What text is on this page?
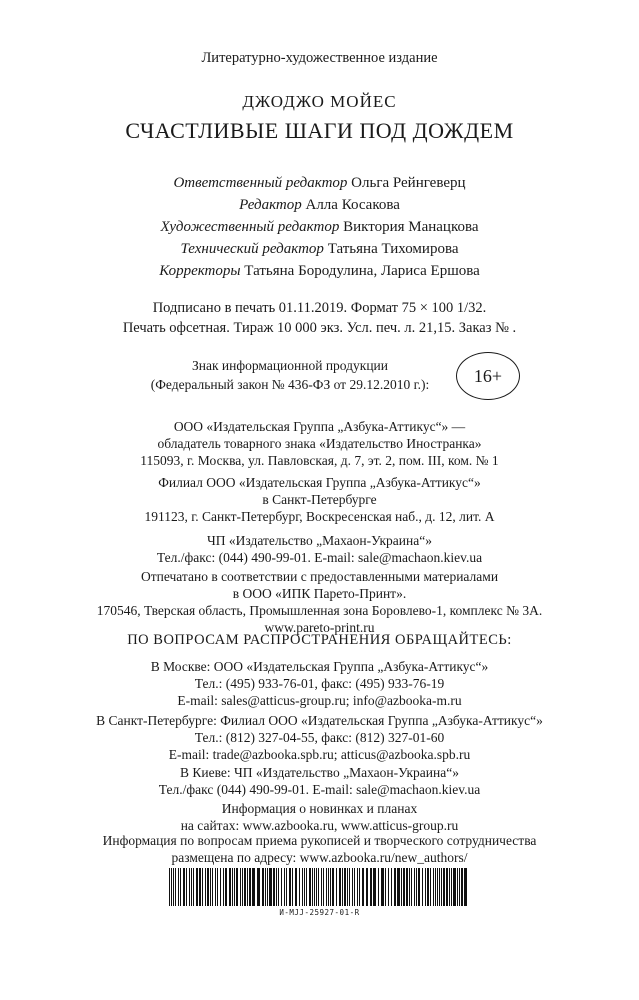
Литературно-художественное издание
ДЖОДЖО МОЙЕС
СЧАСТЛИВЫЕ ШАГИ ПОД ДОЖДЕМ
Ответственный редактор Ольга Рейнгеверц
Редактор Алла Косакова
Художественный редактор Виктория Манацкова
Технический редактор Татьяна Тихомирова
Корректоры Татьяна Бородулина, Лариса Ершова
Подписано в печать 01.11.2019. Формат 75 × 100 1/32.
Печать офсетная. Тираж 10 000 экз. Усл. печ. л. 21,15. Заказ № .
Знак информационной продукции
(Федеральный закон № 436-ФЗ от 29.12.2010 г.):	16+
ООО «Издательская Группа „Азбука-Аттикус“» —
обладатель товарного знака «Издательство Иностранка»
115093, г. Москва, ул. Павловская, д. 7, эт. 2, пом. III, ком. № 1
Филиал ООО «Издательская Группа „Азбука-Аттикус“»
в Санкт-Петербурге
191123, г. Санкт-Петербург, Воскресенская наб., д. 12, лит. А
ЧП «Издательство „Махаон-Украина“»
Тел./факс: (044) 490-99-01. E-mail: sale@machaon.kiev.ua
Отпечатано в соответствии с предоставленными материалами
в ООО «ИПК Парето-Принт».
170546, Тверская область, Промышленная зона Боровлево-1, комплекс № 3А.
www.pareto-print.ru
ПО ВОПРОСАМ РАСПРОСТРАНЕНИЯ ОБРАЩАЙТЕСЬ:
В Москве: ООО «Издательская Группа „Азбука-Аттикус“»
Тел.: (495) 933-76-01, факс: (495) 933-76-19
E-mail: sales@atticus-group.ru; info@azbooka-m.ru
В Санкт-Петербурге: Филиал ООО «Издательская Группа „Азбука-Аттикус“»
Тел.: (812) 327-04-55, факс: (812) 327-01-60
E-mail: trade@azbooka.spb.ru; atticus@azbooka.spb.ru
В Киеве: ЧП «Издательство „Махаон-Украина“»
Тел./факс (044) 490-99-01. E-mail: sale@machaon.kiev.ua
Информация о новинках и планах
на сайтах: www.azbooka.ru, www.atticus-group.ru
Информация по вопросам приема рукописей и творческого сотрудничества
размещена по адресу: www.azbooka.ru/new_authors/
И-МЈЈ-25927-01-R
